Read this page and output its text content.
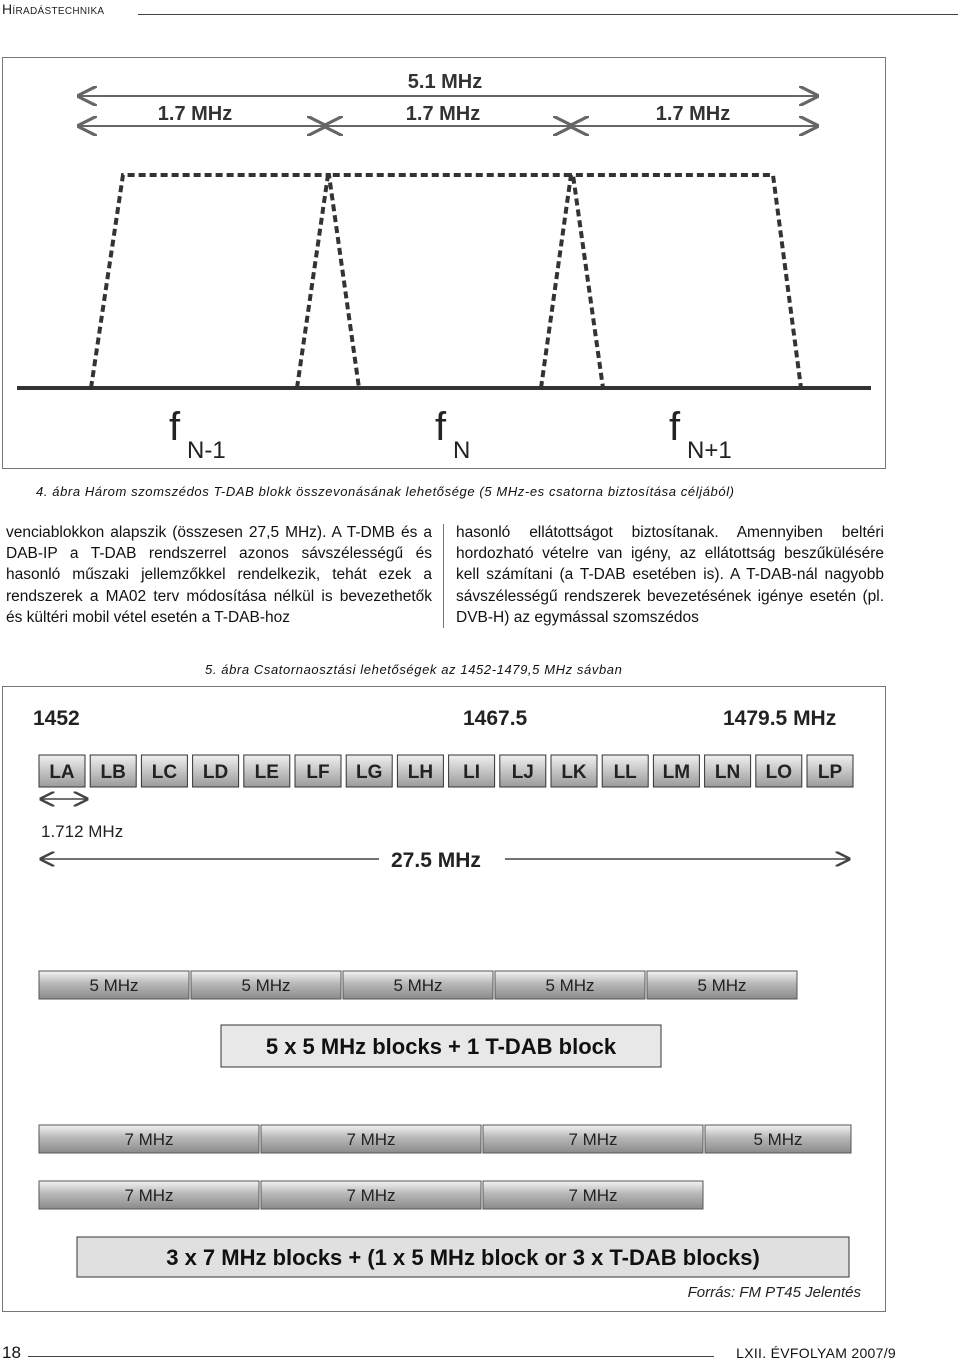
Híradástechnika
5.1 MHz
1.7 MHz	1.7 MHz	1.7 MHz
f
N-1
f
N
f
N+1
4. ábra Három szomszédos T-DAB blokk összevonásának lehetősége (5 MHz-es csatorna biztosítása céljából)

venciablokkon alapszik (összesen 27,5 MHz). A T-DMB és a DAB-IP a T-DAB rendszerrel azonos sávszélességű és hasonló műszaki jellemzőkkel rendelkezik, tehát ezek a rendszerek a MA02 terv módosítása nélkül is bevezethetők és kültéri mobil vétel esetén a T-DAB-hoz

hasonló ellátottságot biztosítanak. Amennyiben beltéri hordozható vételre van igény, az ellátottság beszűkülésére kell számítani (a T-DAB esetében is). A T-DAB-nál nagyobb sávszélességű rendszerek bevezetésének igénye esetén (pl. DVB-H) az egymással szomszédos

5. ábra Csatornaosztási lehetőségek az 1452-1479,5 MHz sávban
1452	1467.5	1479.5 MHz
LA LB LC LD LE LF LG LH LI LJ LK LL LM LN LO LP
1.712 MHz
27.5 MHz
5 MHz	5 MHz	5 MHz	5 MHz	5 MHz
5 x 5 MHz blocks + 1 T-DAB block
7 MHz	7 MHz	7 MHz	5 MHz
7 MHz	7 MHz	7 MHz
3 x 7 MHz blocks + (1 x 5 MHz block or 3 x T-DAB blocks)
Forrás: FM PT45 Jelentés
18	LXII. ÉVFOLYAM 2007/9
